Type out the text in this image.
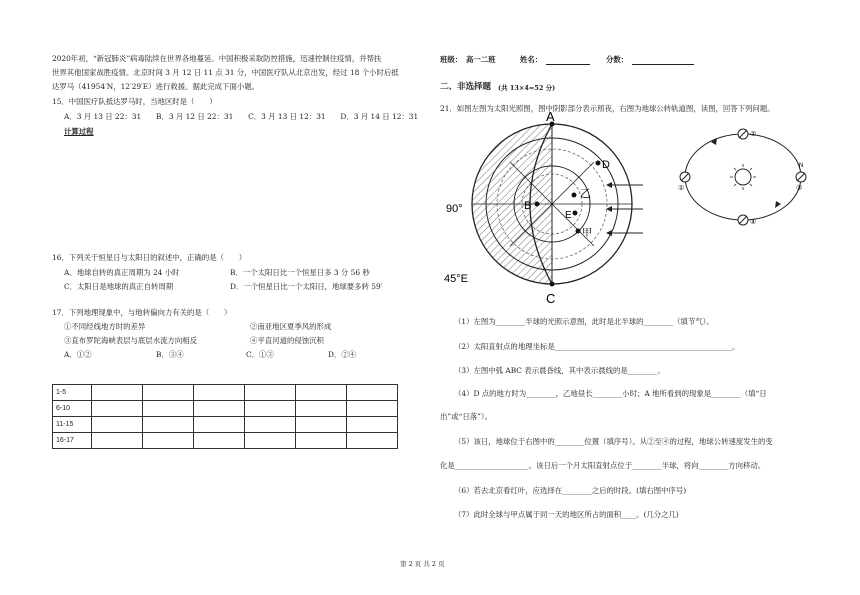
2020年初，“新冠肺炎”病毒陆续在世界各地蔓延。中国积极采取防控措施，迅速控制住疫情，并帮扶
世界其他国家战胜疫情。北京时间 3 月 12 日 11 点 31 分，中国医疗队从北京出发，经过 18 个小时后抵
达罗马（41954′N，12′29′E）进行救援。据此完成下面小题。
15．中国医疗队抵达罗马时，当地区时是（　　）
A．3 月 13 日 22：31　　B．3 月 12 日 22：31　　C．3 月 13 日 12：31　　D．3 月 14 日 12：31
计算过程
16．下列关于恒星日与太阳日的叙述中，正确的是（　　）
A．地球自转的真正周期为 24 小时	B．一个太阳日比一个恒星日多 3 分 56 秒
C．太阳日是地球的真正自转周期	D．一个恒星日比一个太阳日，地球要多转 59′
17．下列地理现象中，与地转偏向力有关的是（　　）
①不同经线地方时的差异	②南亚地区夏季风的形成
③直布罗陀海峡表层与底层水流方向相反	④平直河道的侵蚀沉积
A．①②	B．③④	C．①③	D．②④
1-5						
6-10						
11-15						
16-17						
班级： 高一二班	姓名：	分数：
二、非选择题 (共 13×4=52 分)
21．如图左图为太阳光照图，图中阴影部分表示照夜，右图为地球公转轨道图，读图，回答下列问题。
A
C
B
D
E
乙
甲
90°
45°E
②
①	③
④
N
（1）左图为________半球的光照示意图，此时是北半球的________（填节气）。
（2）太阳直射点的地理坐标是________________________________________________。
（3）左图中弧 ABC 表示晨昏线，其中表示晨线的是________。
（4）D 点的地方时为________，乙地昼长________小时；A 地所看到的现象是________（填“日
出”或“日落”）。
（5）该日，地球位于右图中的________位置（填序号）。从②至④的过程，地球公转速度发生的变
化是____________________。该日后一个月太阳直射点位于________半球，将向________方向移动。
（6）若去北京看红叶，应选择在________之后的时段。(填右图中序号)
（7）此时全球与甲点属于同一天的地区所占的面积____。(几分之几)
第 2 页 共 2 页
